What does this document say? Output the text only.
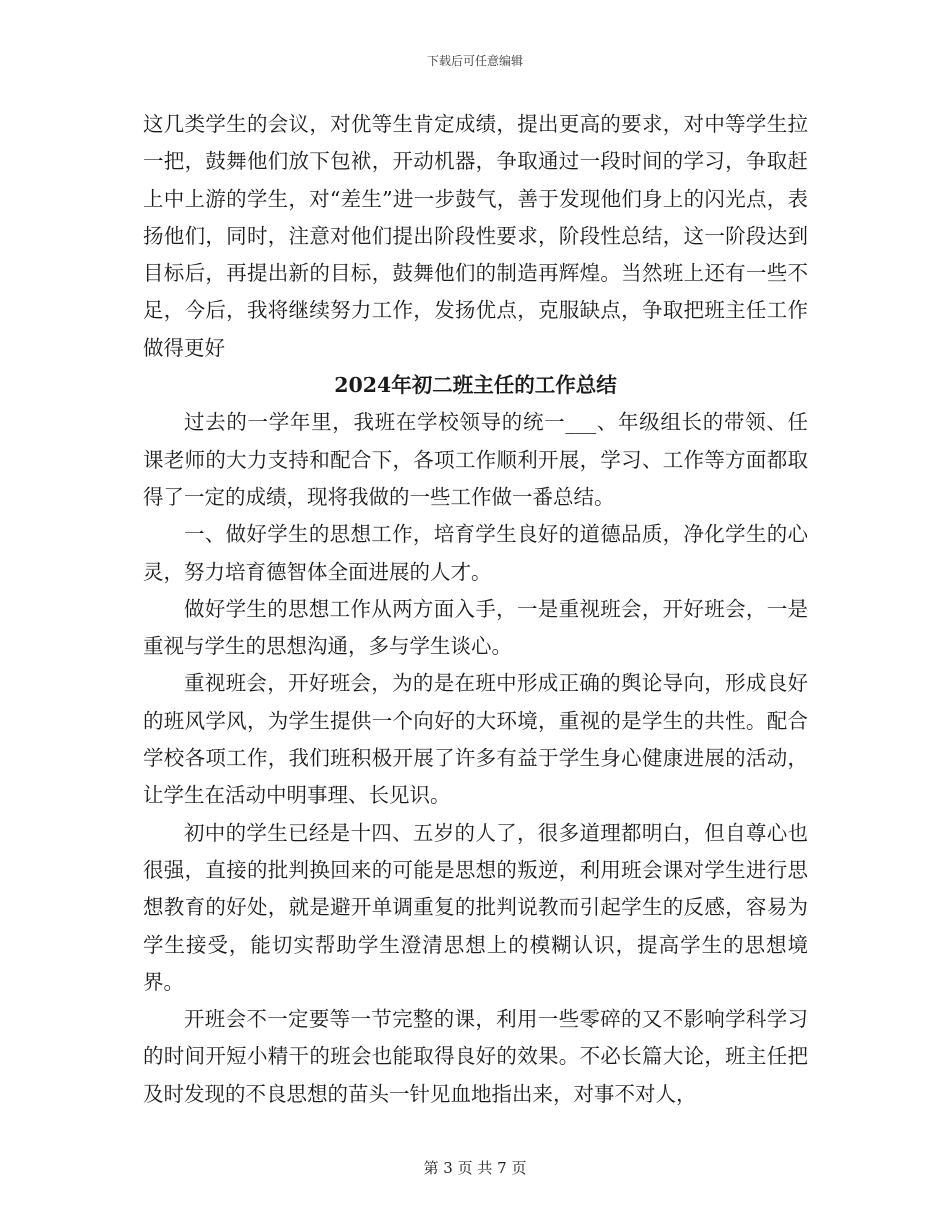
下载后可任意编辑

这几类学生的会议，对优等生肯定成绩，提出更高的要求，对中等学生拉一把，鼓舞他们放下包袱，开动机器，争取通过一段时间的学习，争取赶上中上游的学生，对“差生”进一步鼓气，善于发现他们身上的闪光点，表扬他们，同时，注意对他们提出阶段性要求，阶段性总结，这一阶段达到目标后，再提出新的目标，鼓舞他们的制造再辉煌。当然班上还有一些不足，今后，我将继续努力工作，发扬优点，克服缺点，争取把班主任工作做得更好

2024年初二班主任的工作总结

过去的一学年里，我班在学校领导的统一___、年级组长的带领、任课老师的大力支持和配合下，各项工作顺利开展，学习、工作等方面都取得了一定的成绩，现将我做的一些工作做一番总结。

一、做好学生的思想工作，培育学生良好的道德品质，净化学生的心灵，努力培育德智体全面进展的人才。

做好学生的思想工作从两方面入手，一是重视班会，开好班会，一是重视与学生的思想沟通，多与学生谈心。

重视班会，开好班会，为的是在班中形成正确的舆论导向，形成良好的班风学风，为学生提供一个向好的大环境，重视的是学生的共性。配合学校各项工作，我们班积极开展了许多有益于学生身心健康进展的活动，让学生在活动中明事理、长见识。

初中的学生已经是十四、五岁的人了，很多道理都明白，但自尊心也很强，直接的批判换回来的可能是思想的叛逆，利用班会课对学生进行思想教育的好处，就是避开单调重复的批判说教而引起学生的反感，容易为学生接受，能切实帮助学生澄清思想上的模糊认识，提高学生的思想境界。

开班会不一定要等一节完整的课，利用一些零碎的又不影响学科学习的时间开短小精干的班会也能取得良好的效果。不必长篇大论，班主任把及时发现的不良思想的苗头一针见血地指出来，对事不对人，

第 3 页 共 7 页
